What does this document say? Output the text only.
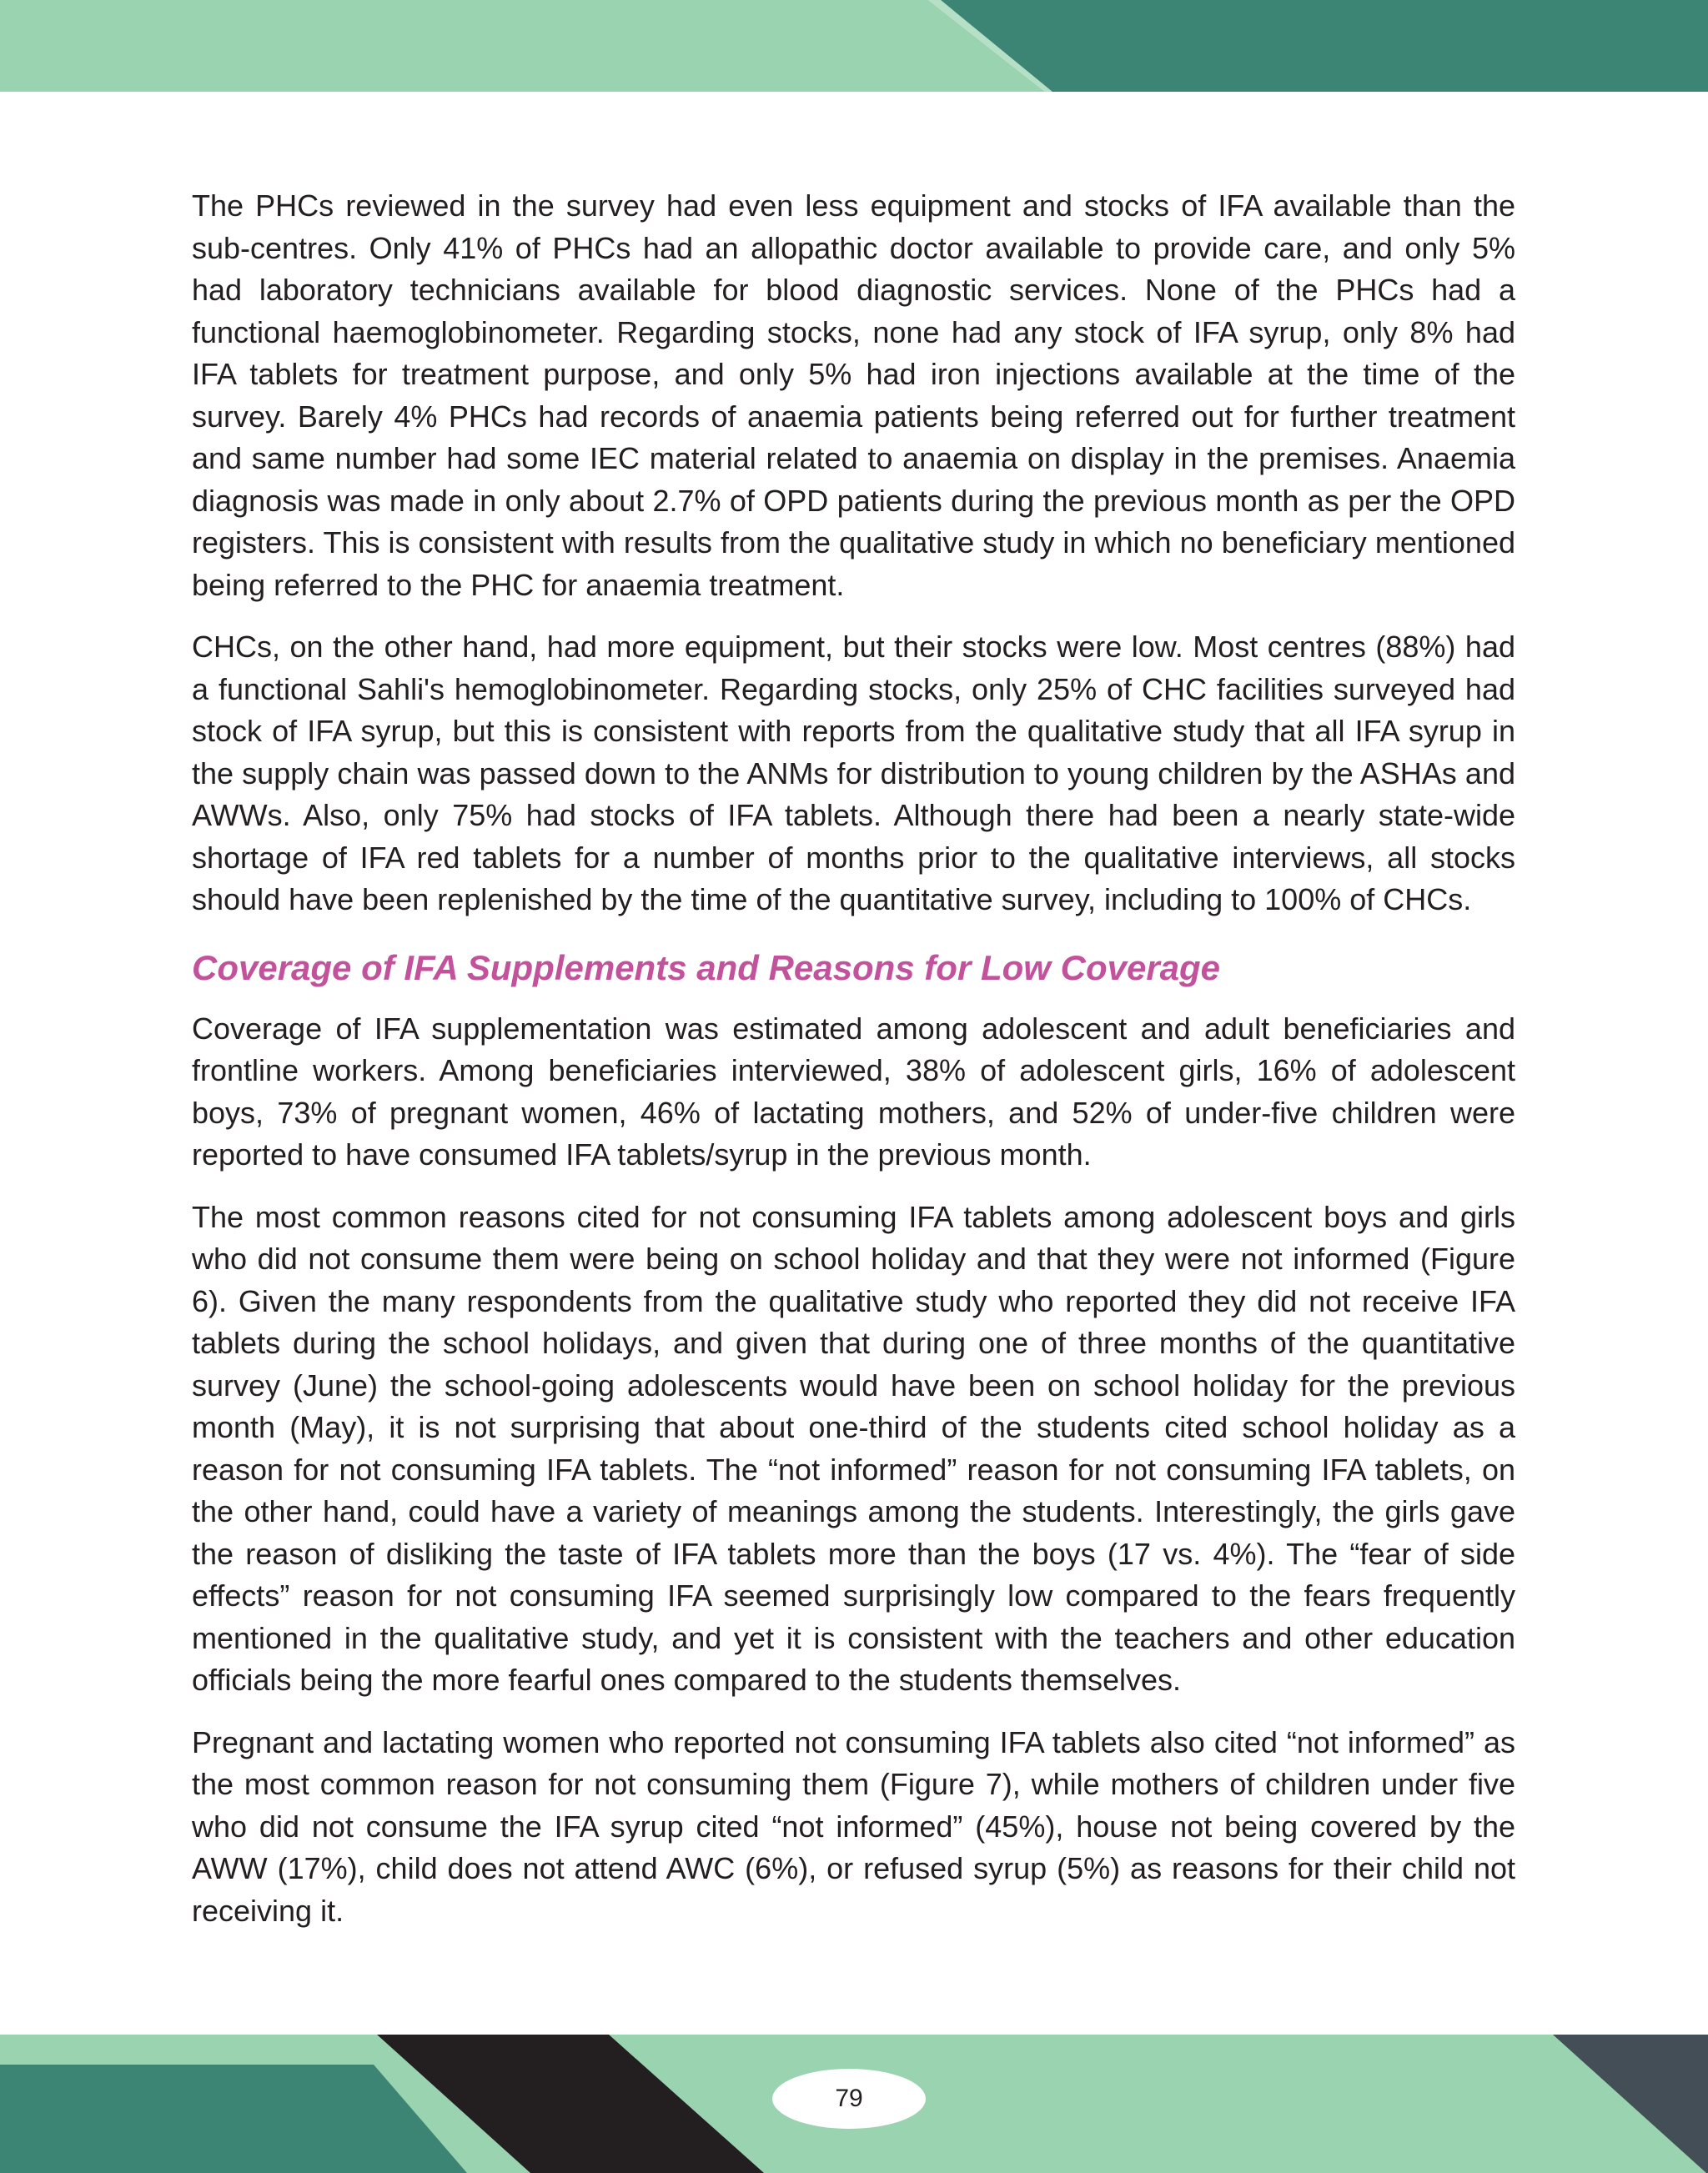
The PHCs reviewed in the survey had even less equipment and stocks of IFA available than the sub-centres. Only 41% of PHCs had an allopathic doctor available to provide care, and only 5% had laboratory technicians available for blood diagnostic services. None of the PHCs had a functional haemoglobinometer. Regarding stocks, none had any stock of IFA syrup, only 8% had IFA tablets for treatment purpose, and only 5% had iron injections available at the time of the survey. Barely 4% PHCs had records of anaemia patients being referred out for further treatment and same number had some IEC material related to anaemia on display in the premises. Anaemia diagnosis was made in only about 2.7% of OPD patients during the previous month as per the OPD registers. This is consistent with results from the qualitative study in which no beneficiary mentioned being referred to the PHC for anaemia treatment.

CHCs, on the other hand, had more equipment, but their stocks were low. Most centres (88%) had a functional Sahli's hemoglobinometer. Regarding stocks, only 25% of CHC facilities surveyed had stock of IFA syrup, but this is consistent with reports from the qualitative study that all IFA syrup in the supply chain was passed down to the ANMs for distribution to young children by the ASHAs and AWWs. Also, only 75% had stocks of IFA tablets. Although there had been a nearly state-wide shortage of IFA red tablets for a number of months prior to the qualitative interviews, all stocks should have been replenished by the time of the quantitative survey, including to 100% of CHCs.

Coverage of IFA Supplements and Reasons for Low Coverage

Coverage of IFA supplementation was estimated among adolescent and adult beneficiaries and frontline workers. Among beneficiaries interviewed, 38% of adolescent girls, 16% of adolescent boys, 73% of pregnant women, 46% of lactating mothers, and 52% of under-five children were reported to have consumed IFA tablets/syrup in the previous month.

The most common reasons cited for not consuming IFA tablets among adolescent boys and girls who did not consume them were being on school holiday and that they were not informed (Figure 6). Given the many respondents from the qualitative study who reported they did not receive IFA tablets during the school holidays, and given that during one of three months of the quantitative survey (June) the school-going adolescents would have been on school holiday for the previous month (May), it is not surprising that about one-third of the students cited school holiday as a reason for not consuming IFA tablets. The “not informed” reason for not consuming IFA tablets, on the other hand, could have a variety of meanings among the students. Interestingly, the girls gave the reason of disliking the taste of IFA tablets more than the boys (17 vs. 4%). The “fear of side effects” reason for not consuming IFA seemed surprisingly low compared to the fears frequently mentioned in the qualitative study, and yet it is consistent with the teachers and other education officials being the more fearful ones compared to the students themselves.

Pregnant and lactating women who reported not consuming IFA tablets also cited “not informed” as the most common reason for not consuming them (Figure 7), while mothers of children under five who did not consume the IFA syrup cited “not informed” (45%), house not being covered by the AWW (17%), child does not attend AWC (6%), or refused syrup (5%) as reasons for their child not receiving it.

79
